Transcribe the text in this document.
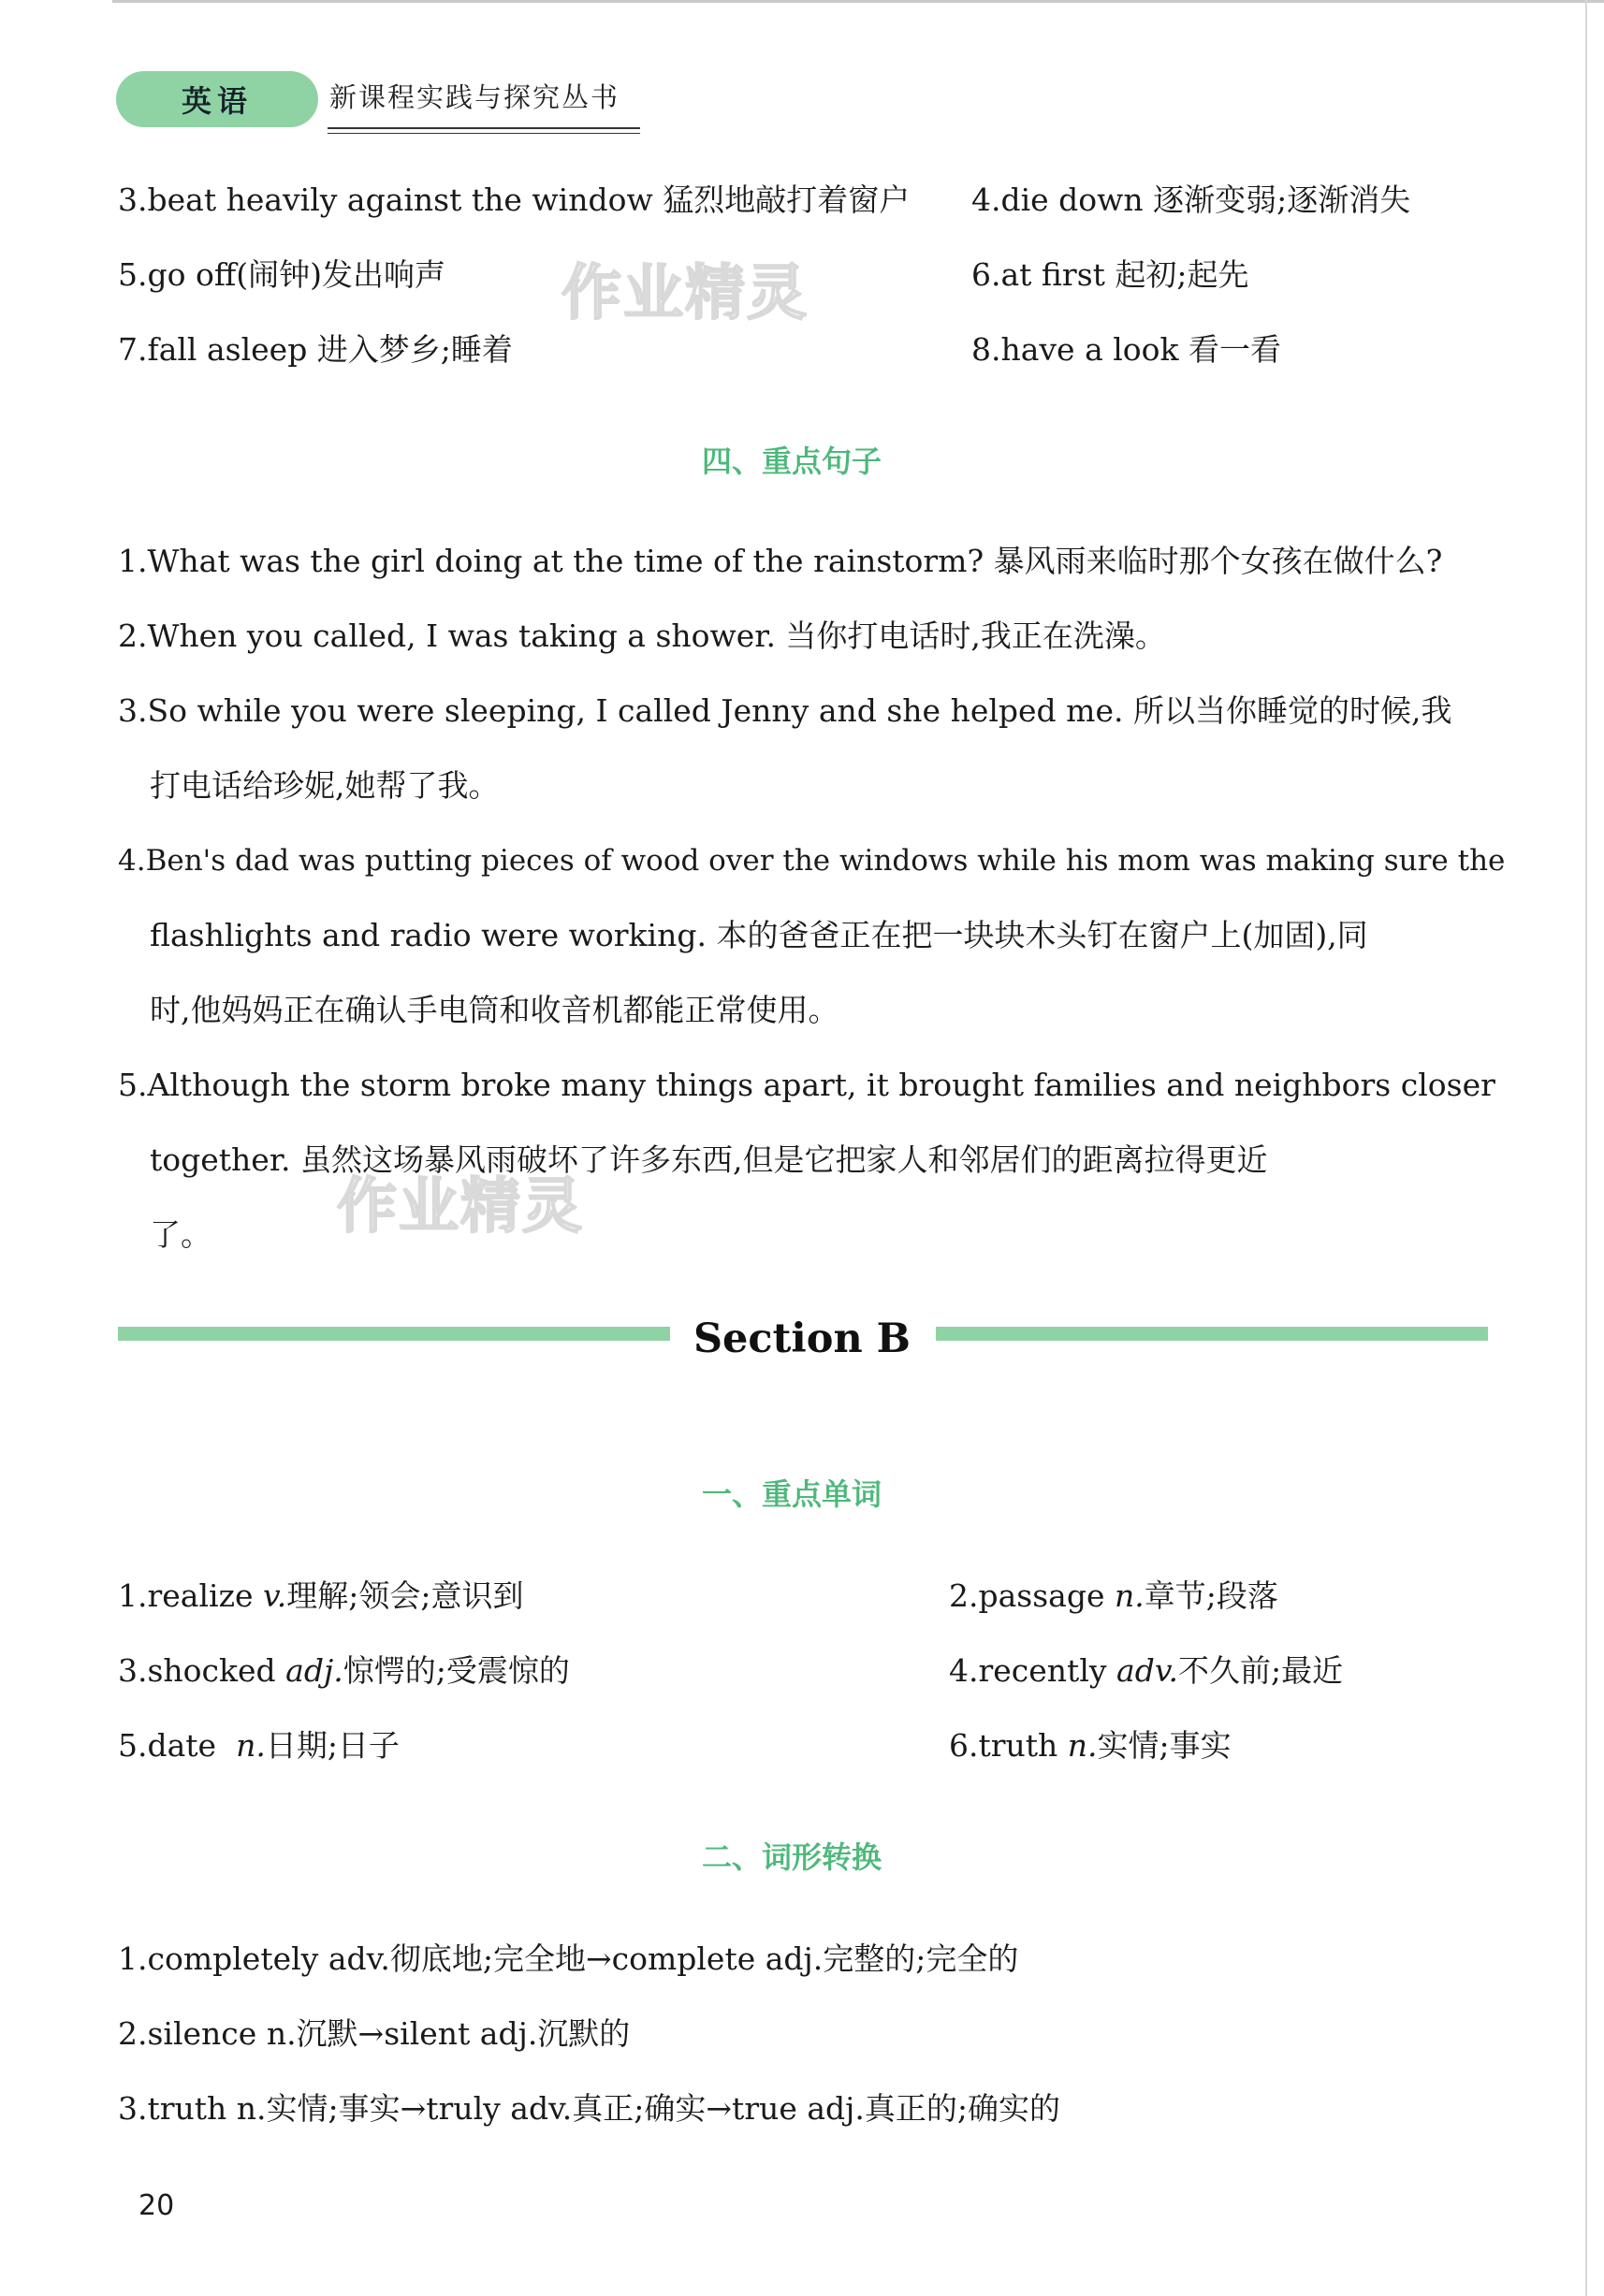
英语	新课程实践与探究丛书
3.beat heavily against the window 猛烈地敲打着窗户 4.die down 逐渐变弱;逐渐消失
5.go off(闹钟)发出响声	6.at first 起初;起先
7.fall asleep 进入梦乡;睡着	8.have a look 看一看
作业精灵
四、重点句子
1.What was the girl doing at the time of the rainstorm? 暴风雨来临时那个女孩在做什么?
2.When you called, I was taking a shower. 当你打电话时,我正在洗澡。
3.So while you were sleeping, I called Jenny and she helped me. 所以当你睡觉的时候,我
打电话给珍妮,她帮了我。
4.Ben's dad was putting pieces of wood over the windows while his mom was making sure the
flashlights and radio were working. 本的爸爸正在把一块块木头钉在窗户上(加固),同
时,他妈妈正在确认手电筒和收音机都能正常使用。
5.Although the storm broke many things apart, it brought families and neighbors closer
together. 虽然这场暴风雨破坏了许多东西,但是它把家人和邻居们的距离拉得更近
了。 作业精灵
Section B
一、重点单词
1.realize v.理解;领会;意识到	2.passage n.章节;段落
3.shocked adj.惊愕的;受震惊的	4.recently adv.不久前;最近
5.date  n.日期;日子	6.truth n.实情;事实
二、词形转换
1.completely adv.彻底地;完全地→complete adj.完整的;完全的
2.silence n.沉默→silent adj.沉默的
3.truth n.实情;事实→truly adv.真正;确实→true adj.真正的;确实的
20
